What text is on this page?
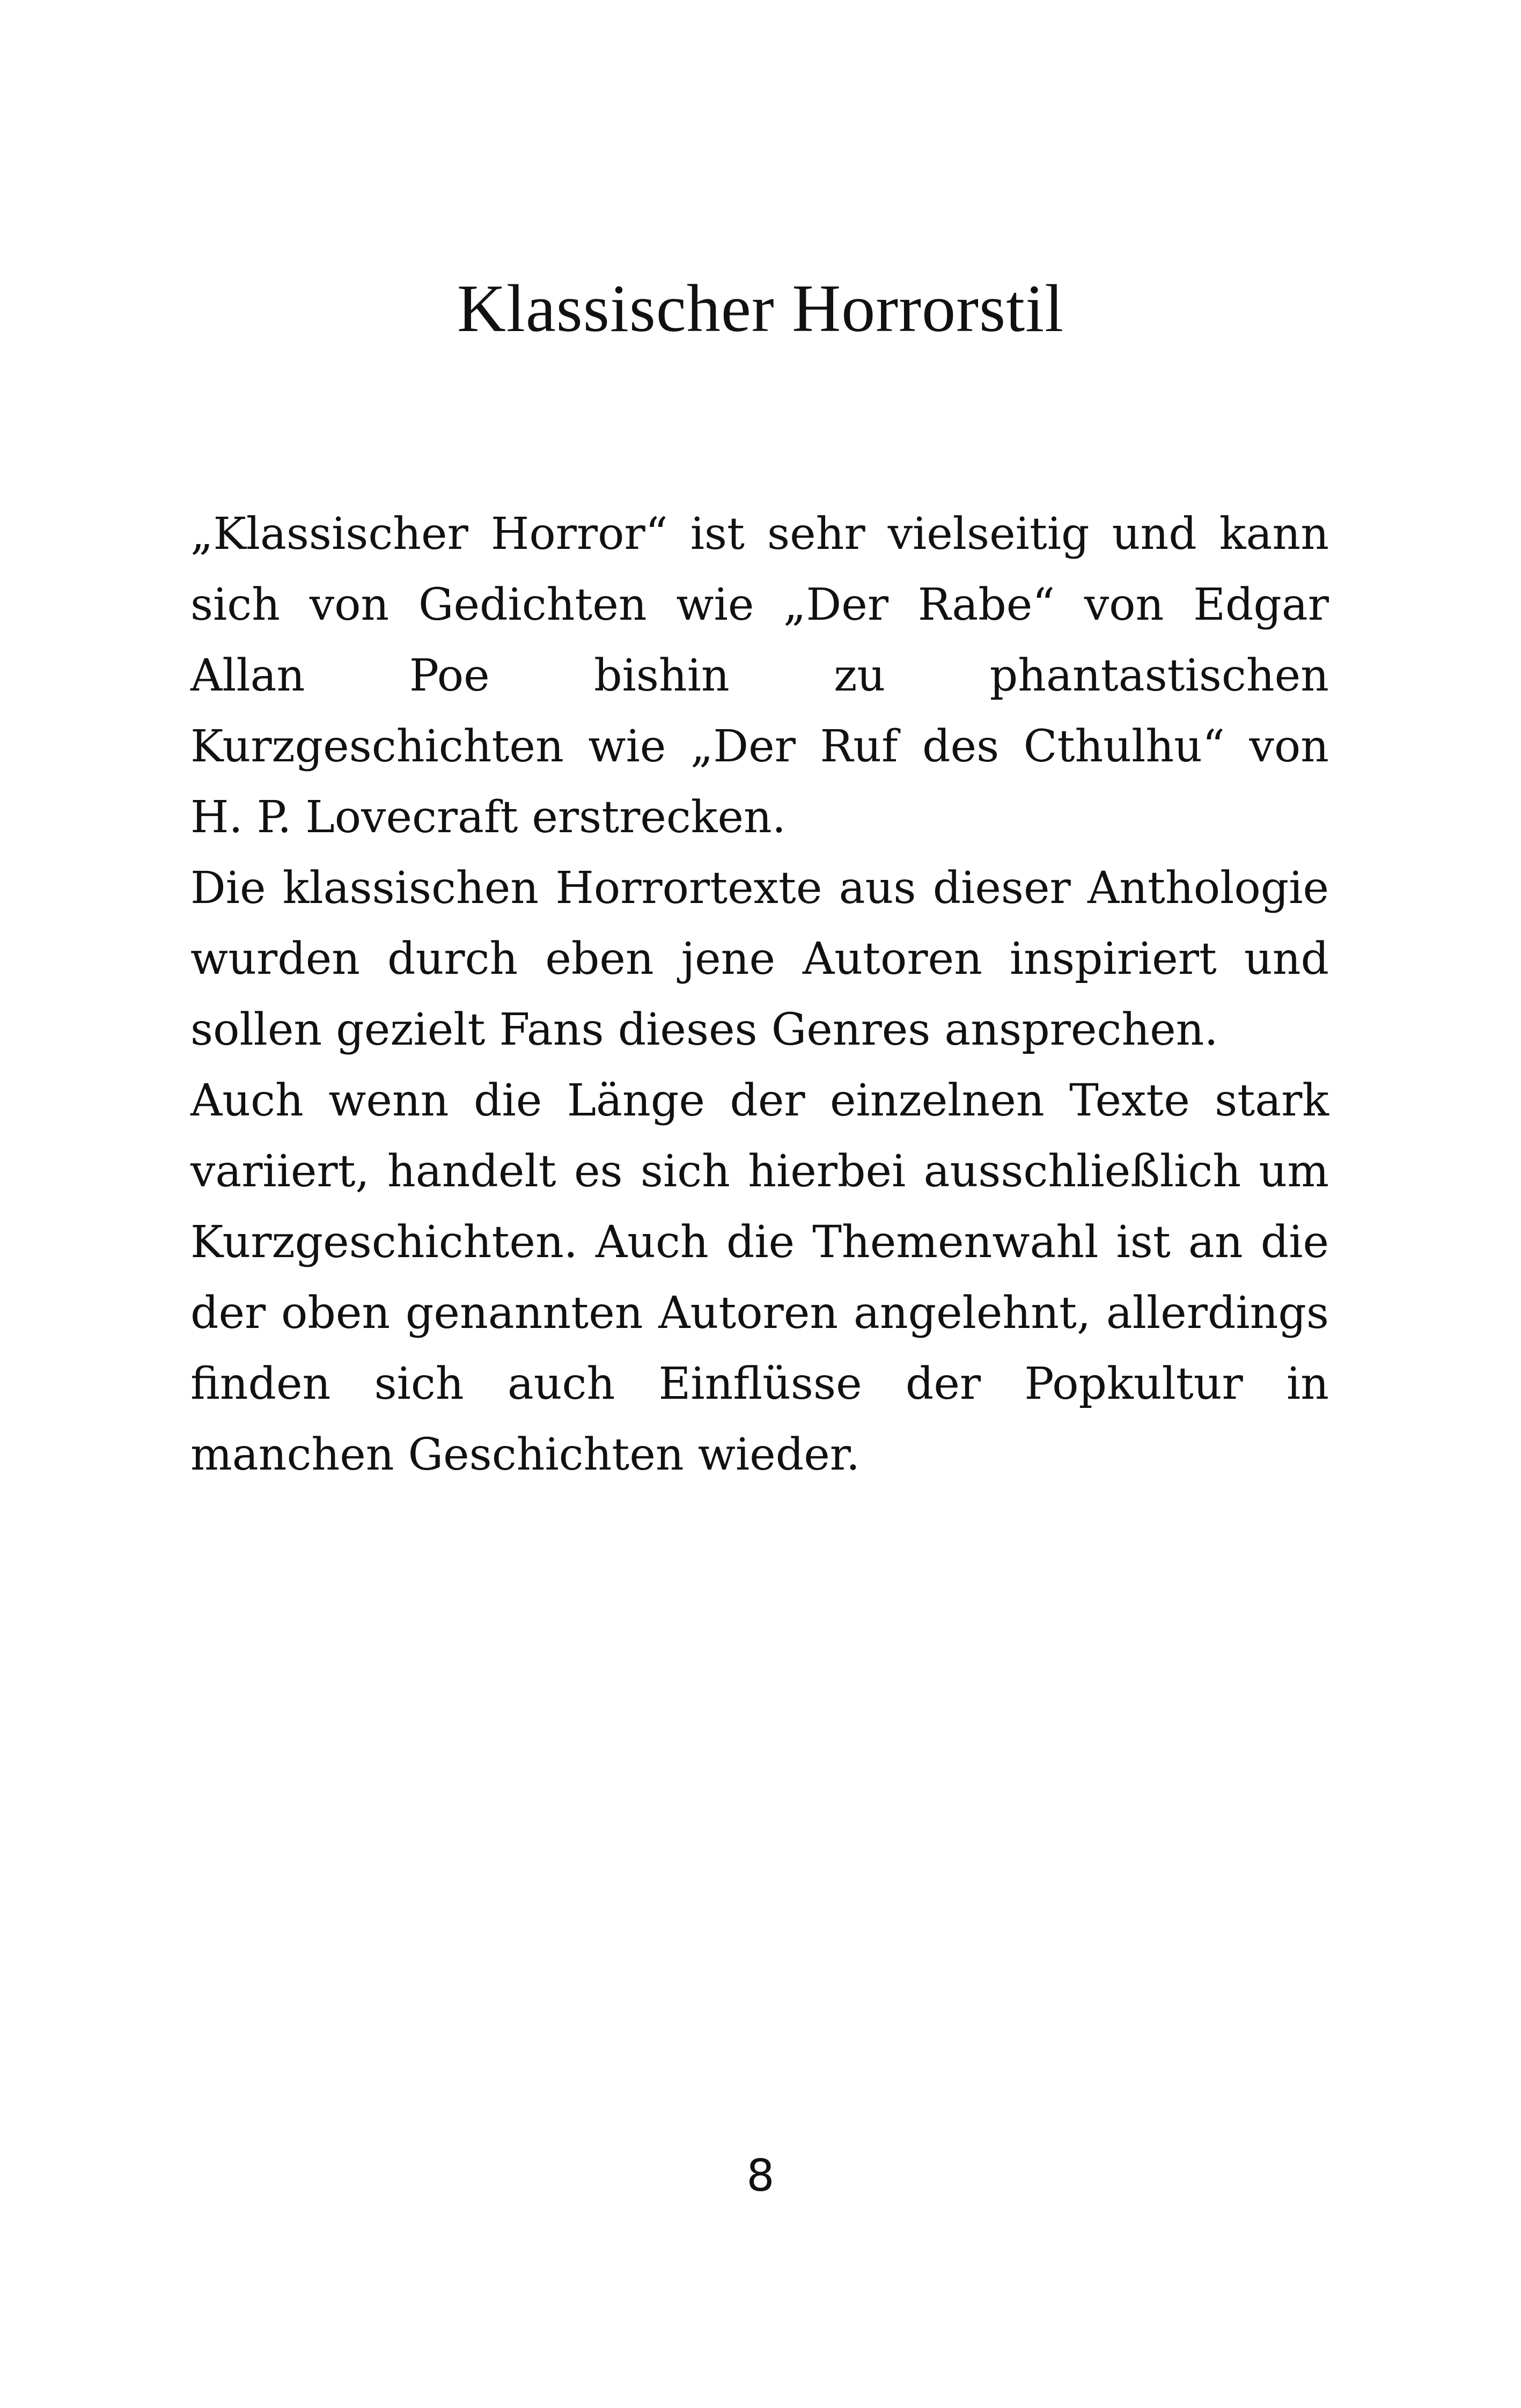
Klassischer Horrorstil

„Klassischer Horror“ ist sehr vielseitig und kann sich von Gedichten wie „Der Rabe“ von Edgar Allan Poe bishin zu phantastischen Kurzgeschichten wie „Der Ruf des Cthulhu“ von H. P. Lovecraft erstrecken.

Die klassischen Horrortexte aus dieser Anthologie wurden durch eben jene Autoren inspiriert und sollen gezielt Fans dieses Genres ansprechen.

Auch wenn die Länge der einzelnen Texte stark variiert, handelt es sich hierbei ausschließlich um Kurzgeschichten. Auch die Themenwahl ist an die der oben genannten Autoren angelehnt, allerdings finden sich auch Einflüsse der Popkultur in manchen Geschichten wieder.

8
